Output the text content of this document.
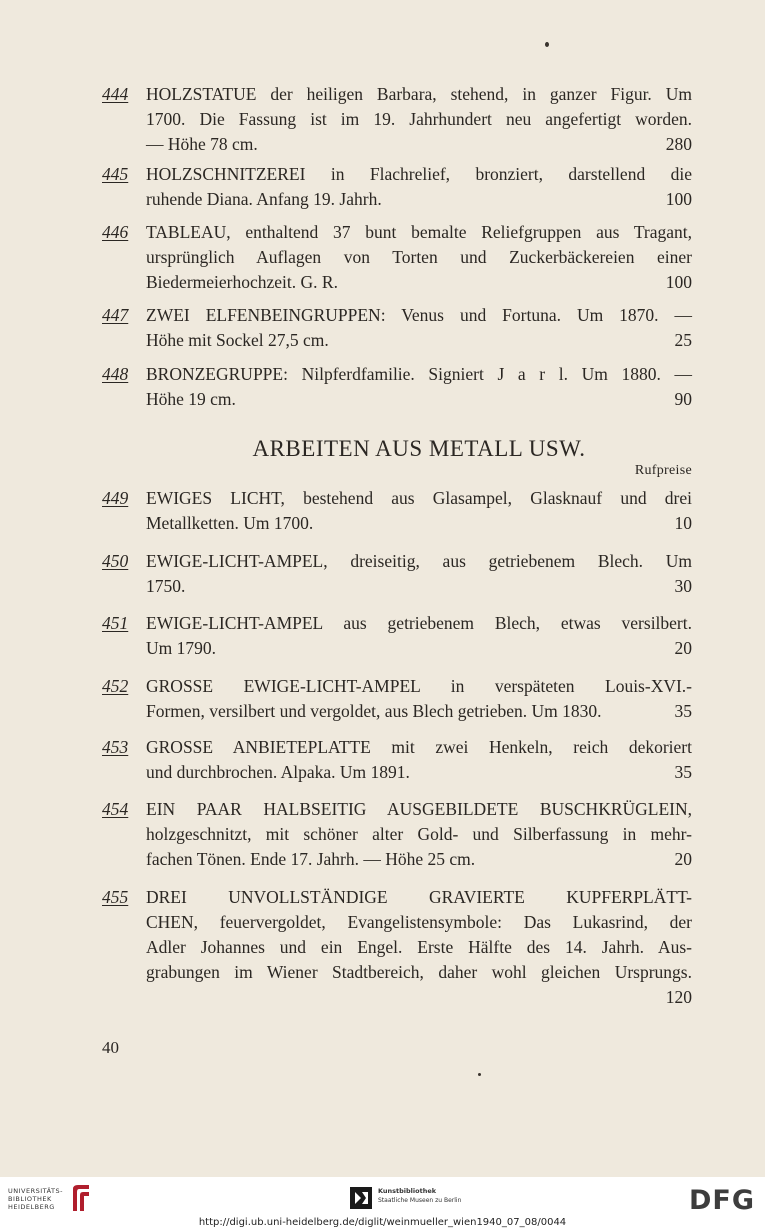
444 HOLZSTATUE der heiligen Barbara, stehend, in ganzer Figur. Um
1700. Die Fassung ist im 19. Jahrhundert neu angefertigt worden.
— Höhe 78 cm.	280
445 HOLZSCHNITZEREI in Flachrelief, bronziert, darstellend die
ruhende Diana. Anfang 19. Jahrh.	100
446 TABLEAU, enthaltend 37 bunt bemalte Reliefgruppen aus Tragant,
ursprünglich Auflagen von Torten und Zuckerbäckereien einer
Biedermeierhochzeit. G. R.	100
447 ZWEI ELFENBEINGRUPPEN: Venus und Fortuna. Um 1870. —
Höhe mit Sockel 27,5 cm.	25
448 BRONZEGRUPPE: Nilpferdfamilie. Signiert J a r l. Um 1880. —
Höhe 19 cm.	90
ARBEITEN AUS METALL USW.
Rufpreise
449 EWIGES LICHT, bestehend aus Glasampel, Glasknauf und drei
Metallketten. Um 1700.	10
450 EWIGE-LICHT-AMPEL, dreiseitig, aus getriebenem Blech. Um
1750.	30
451 EWIGE-LICHT-AMPEL aus getriebenem Blech, etwas versilbert.
Um 1790.	20
452 GROSSE EWIGE-LICHT-AMPEL in verspäteten Louis-XVI.-
Formen, versilbert und vergoldet, aus Blech getrieben. Um 1830.	35
453 GROSSE ANBIETEPLATTE mit zwei Henkeln, reich dekoriert
und durchbrochen. Alpaka. Um 1891.	35
454 EIN PAAR HALBSEITIG AUSGEBILDETE BUSCHKRÜGLEIN,
holzgeschnitzt, mit schöner alter Gold- und Silberfassung in mehr-
fachen Tönen. Ende 17. Jahrh. — Höhe 25 cm.	20
455 DREI UNVOLLSTÄNDIGE GRAVIERTE KUPFERPLÄTT-
CHEN, feuervergoldet, Evangelistensymbole: Das Lukasrind, der
Adler Johannes und ein Engel. Erste Hälfte des 14. Jahrh. Aus-
grabungen im Wiener Stadtbereich, daher wohl gleichen Ursprungs.
120
40
UNIVERSITÄTS-
BIBLIOTHEK
HEIDELBERG
Kunstbibliothek
Staatliche Museen zu Berlin	DFG
http://digi.ub.uni-heidelberg.de/diglit/weinmueller_wien1940_07_08/0044
